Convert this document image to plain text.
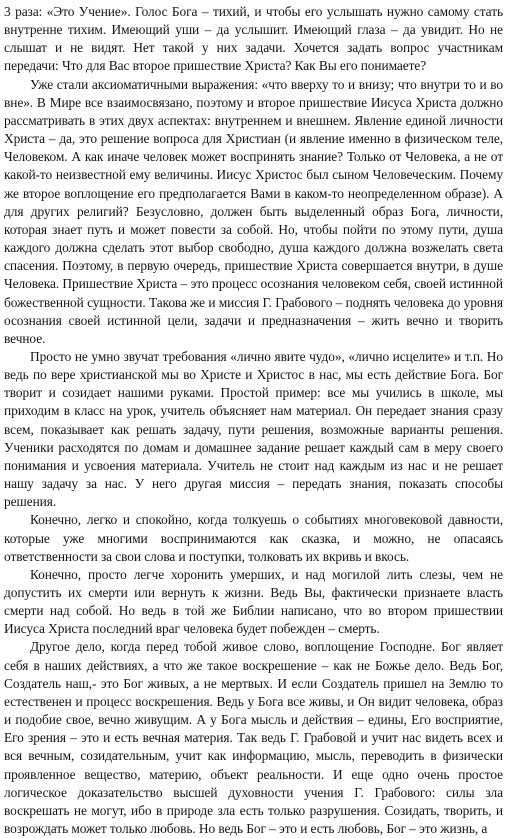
3 раза: «Это Учение». Голос Бога – тихий, и чтобы его услышать нужно самому стать внутренне тихим. Имеющий уши – да услышит. Имеющий глаза – да увидит. Но не слышат и не видят. Нет такой у них задачи. Хочется задать вопрос участникам передачи: Что для Вас второе пришествие Христа? Как Вы его понимаете?

Уже стали аксиоматичными выражения: «что вверху то и внизу; что внутри то и во вне». В Мире все взаимосвязано, поэтому и второе пришествие Иисуса Христа должно рассматривать в этих двух аспектах: внутреннем и внешнем. Явление единой личности Христа – да, это решение вопроса для Христиан (и явление именно в физическом теле, Человеком. А как иначе человек может воспринять знание? Только от Человека, а не от какой-то неизвестной ему величины. Иисус Христос был сыном Человеческим. Почему же второе воплощение его предполагается Вами в каком-то неопределенном образе). А для других религий? Безусловно, должен быть выделенный образ Бога, личности, которая знает путь и может повести за собой. Но, чтобы пойти по этому пути, душа каждого должна сделать этот выбор свободно, душа каждого должна возжелать света спасения. Поэтому, в первую очередь, пришествие Христа совершается внутри, в душе Человека. Пришествие Христа – это процесс осознания человеком себя, своей истинной божественной сущности. Такова же и миссия Г. Грабового – поднять человека до уровня осознания своей истинной цели, задачи и предназначения – жить вечно и творить вечное.

Просто не умно звучат требования «лично явите чудо», «лично исцелите» и т.п. Но ведь по вере христианской мы во Христе и Христос в нас, мы есть действие Бога. Бог творит и созидает нашими руками. Простой пример: все мы учились в школе, мы приходим в класс на урок, учитель объясняет нам материал. Он передает знания сразу всем, показывает как решать задачу, пути решения, возможные варианты решения. Ученики расходятся по домам и домашнее задание решает каждый сам в меру своего понимания и усвоения материала. Учитель не стоит над каждым из нас и не решает нашу задачу за нас. У него другая миссия – передать знания, показать способы решения.

Конечно, легко и спокойно, когда толкуешь о событиях многовековой давности, которые уже многими воспринимаются как сказка, и можно, не опасаясь ответственности за свои слова и поступки, толковать их вкривь и вкось.

Конечно, просто легче хоронить умерших, и над могилой лить слезы, чем не допустить их смерти или вернуть к жизни. Ведь Вы, фактически признаете власть смерти над собой. Но ведь в той же Библии написано, что во втором пришествии Иисуса Христа последний враг человека будет побежден – смерть.

Другое дело, когда перед тобой живое слово, воплощение Господне. Бог являет себя в наших действиях, а что же такое воскрешение – как не Божье дело. Ведь Бог, Создатель наш,- это Бог живых, а не мертвых. И если Создатель пришел на Землю то естественен и процесс воскрешения. Ведь у Бога все живы, и Он видит человека, образ и подобие свое, вечно живущим. А у Бога мысль и действия – едины, Его восприятие, Его зрения – это и есть вечная материя. Так ведь Г. Грабовой и учит нас видеть всех и вся вечным, созидательным, учит как информацию, мысль, переводить в физически проявленное вещество, материю, объект реальности. И еще одно очень простое логическое доказательство высшей духовности учения Г. Грабового: силы зла воскрешать не могут, ибо в природе зла есть только разрушения. Созидать, творить, и возрождать может только любовь. Но ведь Бог – это и есть любовь, Бог – это жизнь, а
